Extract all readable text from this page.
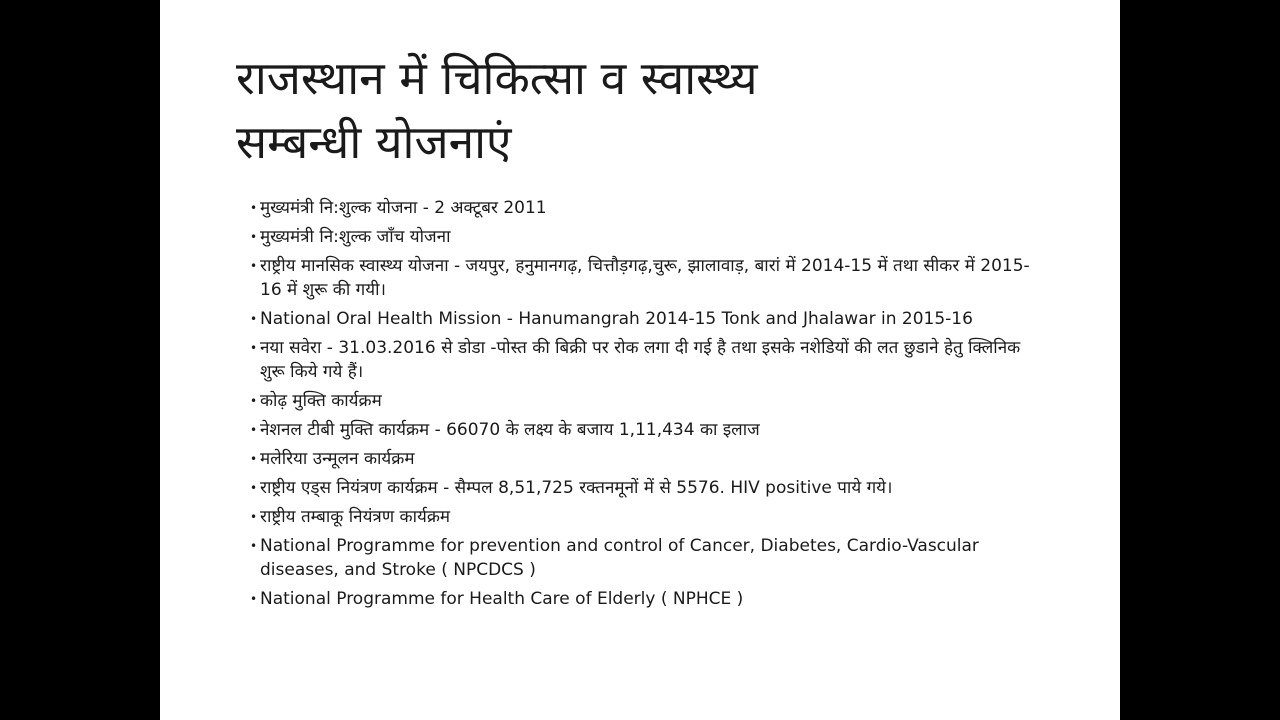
राजस्थान में चिकित्सा व स्वास्थ्य
सम्बन्धी योजनाएं
• मुख्यमंत्री नि:शुल्क योजना - 2 अक्टूबर 2011
• मुख्यमंत्री नि:शुल्क जाँच योजना
• राष्ट्रीय मानसिक स्वास्थ्य योजना - जयपुर, हनुमानगढ़, चित्तौड़गढ़,चुरू, झालावाड़, बारां में 2014-15 में तथा सीकर में 2015-16 में शुरू की गयी।
• National Oral Health Mission - Hanumangrah 2014-15 Tonk and Jhalawar in 2015-16
• नया सवेरा - 31.03.2016 से डोडा -पोस्त की बिक्री पर रोक लगा दी गई है तथा इसके नशेडियों की लत छुडाने हेतु क्लिनिक शुरू किये गये हैं।
• कोढ़ मुक्ति कार्यक्रम
• नेशनल टीबी मुक्ति कार्यक्रम - 66070 के लक्ष्य के बजाय 1,11,434 का इलाज
• मलेरिया उन्मूलन कार्यक्रम
• राष्ट्रीय एड्स नियंत्रण कार्यक्रम - सैम्पल 8,51,725 रक्तनमूनों में से 5576. HIV positive पाये गये।
• राष्ट्रीय तम्बाकू नियंत्रण कार्यक्रम
• National Programme for prevention and control of Cancer, Diabetes, Cardio-Vascular diseases, and Stroke ( NPCDCS )
• National Programme for Health Care of Elderly ( NPHCE )
